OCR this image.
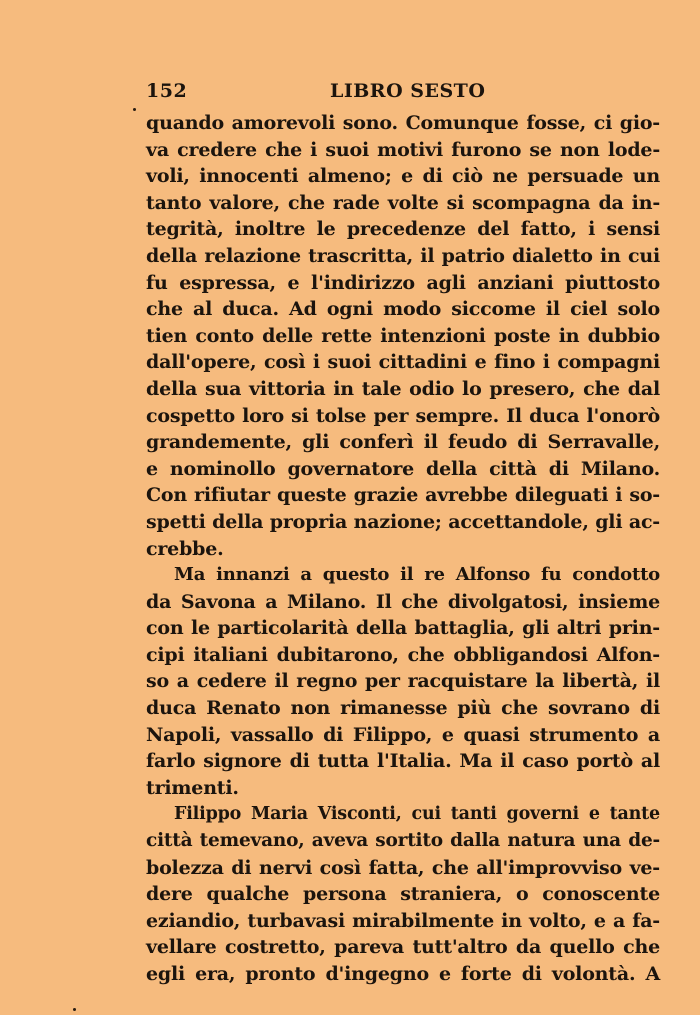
152	LIBRO SESTO
quando amorevoli sono. Comunque fosse, ci gio-
va credere che i suoi motivi furono se non lode-
voli, innocenti almeno; e di ciò ne persuade un
tanto valore, che rade volte si scompagna da in-
tegrità, inoltre le precedenze del fatto, i sensi
della relazione trascritta, il patrio dialetto in cui
fu espressa, e l'indirizzo agli anziani piuttosto
che al duca. Ad ogni modo siccome il ciel solo
tien conto delle rette intenzioni poste in dubbio
dall'opere, così i suoi cittadini e fino i compagni
della sua vittoria in tale odio lo presero, che dal
cospetto loro si tolse per sempre. Il duca l'onorò
grandemente, gli conferì il feudo di Serravalle,
e nominollo governatore della città di Milano.
Con rifiutar queste grazie avrebbe dileguati i so-
spetti della propria nazione; accettandole, gli ac-
crebbe.
Ma innanzi a questo il re Alfonso fu condotto
da Savona a Milano. Il che divolgatosi, insieme
con le particolarità della battaglia, gli altri prin-
cipi italiani dubitarono, che obbligandosi Alfon-
so a cedere il regno per racquistare la libertà, il
duca Renato non rimanesse più che sovrano di
Napoli, vassallo di Filippo, e quasi strumento a
farlo signore di tutta l'Italia. Ma il caso portò al
trimenti.
Filippo Maria Visconti, cui tanti governi e tante
città temevano, aveva sortito dalla natura una de-
bolezza di nervi così fatta, che all'improvviso ve-
dere qualche persona straniera, o conoscente
eziandio, turbavasi mirabilmente in volto, e a fa-
vellare costretto, pareva tutt'altro da quello che
egli era, pronto d'ingegno e forte di volontà. A
